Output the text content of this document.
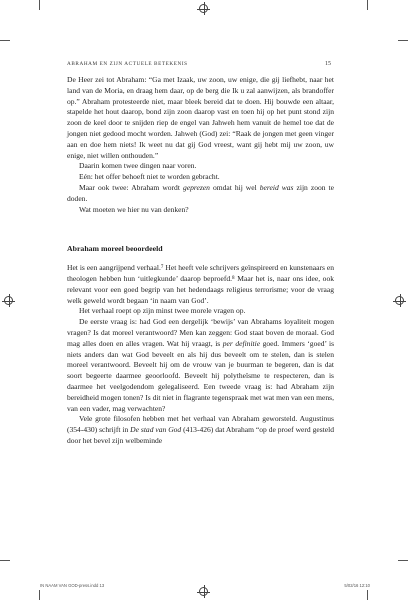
ABRAHAM EN ZIJN ACTUELE BETEKENIS	15

De Heer zei tot Abraham: “Ga met Izaak, uw zoon, uw enige, die gij liefhebt, naar het land van de Moria, en draag hem daar, op de berg die Ik u zal aanwijzen, als brandoffer op.” Abraham protesteerde niet, maar bleek bereid dat te doen. Hij bouwde een altaar, stapelde het hout daarop, bond zijn zoon daarop vast en toen hij op het punt stond zijn zoon de keel door te snijden riep de engel van Jahweh hem vanuit de hemel toe dat de jongen niet gedood mocht worden. Jahweh (God) zei: “Raak de jongen met geen vinger aan en doe hem niets! Ik weet nu dat gij God vreest, want gij hebt mij uw zoon, uw enige, niet willen onthouden.”

Daarin komen twee dingen naar voren.

Eén: het offer behoeft niet te worden gebracht.

Maar ook twee: Abraham wordt geprezen omdat hij wel bereid was zijn zoon te doden.

Wat moeten we hier nu van denken?

Abraham moreel beoordeeld

Het is een aangrijpend verhaal.⁷ Het heeft vele schrijvers geïnspireerd en kunstenaars en theologen hebben hun ‘uitlegkunde’ daarop beproefd.⁸ Maar het is, naar ons idee, ook relevant voor een goed begrip van het hedendaags religieus terrorisme; voor de vraag welk geweld wordt begaan ‘in naam van God’.

Het verhaal roept op zijn minst twee morele vragen op.

De eerste vraag is: had God een dergelijk ‘bewijs’ van Abrahams loyaliteit mogen vragen? Is dat moreel verantwoord? Men kan zeggen: God staat boven de moraal. God mag alles doen en alles vragen. Wat hij vraagt, is per definitie goed. Immers ‘goed’ is niets anders dan wat God beveelt en als hij dus beveelt om te stelen, dan is stelen moreel verantwoord. Beveelt hij om de vrouw van je buurman te begeren, dan is dat soort begeerte daarmee geoorloofd. Beveelt hij polytheïsme te respecteren, dan is daarmee het veelgodendom gelegaliseerd. Een tweede vraag is: had Abraham zijn bereidheid mogen tonen? Is dit niet in flagrante tegenspraak met wat men van een mens, van een vader, mag verwachten?

Vele grote filosofen hebben met het verhaal van Abraham geworsteld. Augustinus (354-430) schrijft in De stad van God (413-426) dat Abraham “op de proef werd gesteld door het bevel zijn welbeminde

IN NAAM VAN GOD-press.indd 13	5/02/16 12:10
